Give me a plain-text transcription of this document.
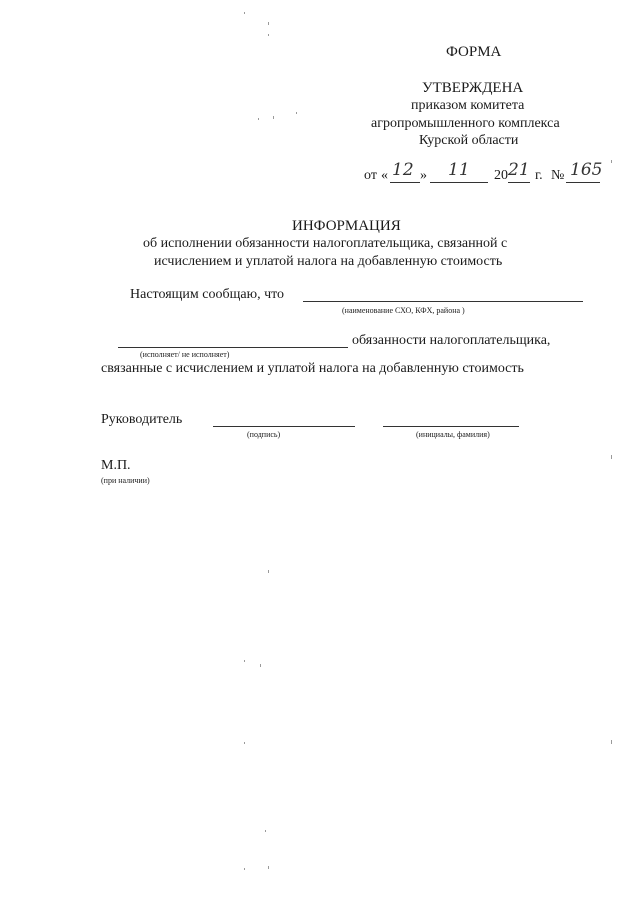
ФОРМА
УТВЕРЖДЕНА
приказом комитета
агропромышленного комплекса
Курской области
от « 12 » 11 20 21 г. № 165
ИНФОРМАЦИЯ
об исполнении обязанности налогоплательщика, связанной с
исчислением и уплатой налога на добавленную стоимость
Настоящим сообщаю, что
(наименование СХО, КФХ, района )
обязанности налогоплательщика,
(исполняет/ не исполняет)
связанные с исчислением и уплатой налога на добавленную стоимость
Руководитель
(подпись)	(инициалы, фамилия)
М.П.
(при наличии)
